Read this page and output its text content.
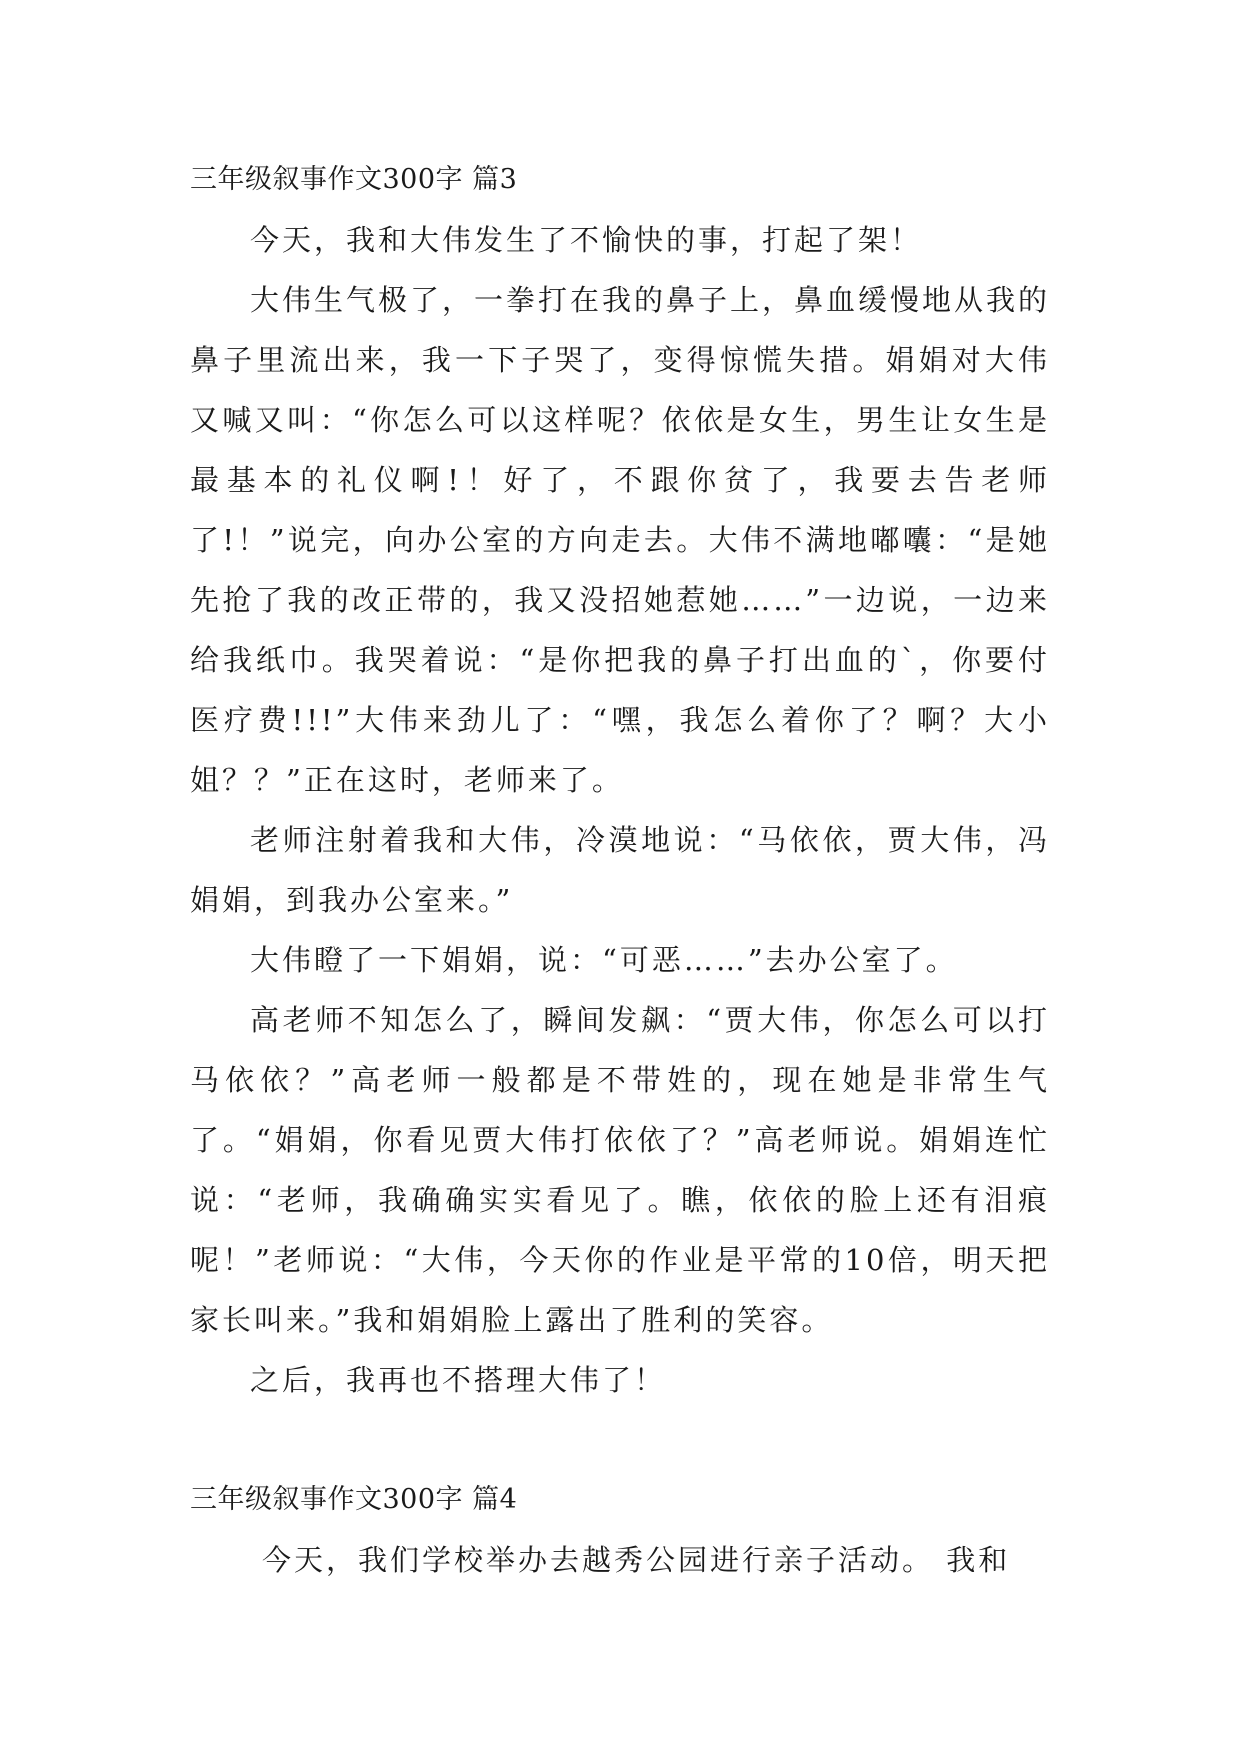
三年级叙事作文300字 篇3

今天，我和大伟发生了不愉快的事，打起了架！

大伟生气极了，一拳打在我的鼻子上，鼻血缓慢地从我的鼻子里流出来，我一下子哭了，变得惊慌失措。娟娟对大伟又喊又叫：“你怎么可以这样呢？依依是女生，男生让女生是最基本的礼仪啊!！好了，不跟你贫了，我要去告老师了!！”说完，向办公室的方向走去。大伟不满地嘟囔：“是她先抢了我的改正带的，我又没招她惹她……”一边说，一边来给我纸巾。我哭着说：“是你把我的鼻子打出血的`，你要付医疗费!!!”大伟来劲儿了：“嘿，我怎么着你了？啊？大小姐？？”正在这时，老师来了。

老师注射着我和大伟，冷漠地说：“马依依，贾大伟，冯娟娟，到我办公室来。”

大伟瞪了一下娟娟，说：“可恶……”去办公室了。

高老师不知怎么了，瞬间发飙：“贾大伟，你怎么可以打马依依？”高老师一般都是不带姓的，现在她是非常生气了。“娟娟，你看见贾大伟打依依了？”高老师说。娟娟连忙说：“老师，我确确实实看见了。瞧，依依的脸上还有泪痕呢！”老师说：“大伟，今天你的作业是平常的10倍，明天把家长叫来。”我和娟娟脸上露出了胜利的笑容。

之后，我再也不搭理大伟了！

三年级叙事作文300字 篇4

今天，我们学校举办去越秀公园进行亲子活动。 我和
